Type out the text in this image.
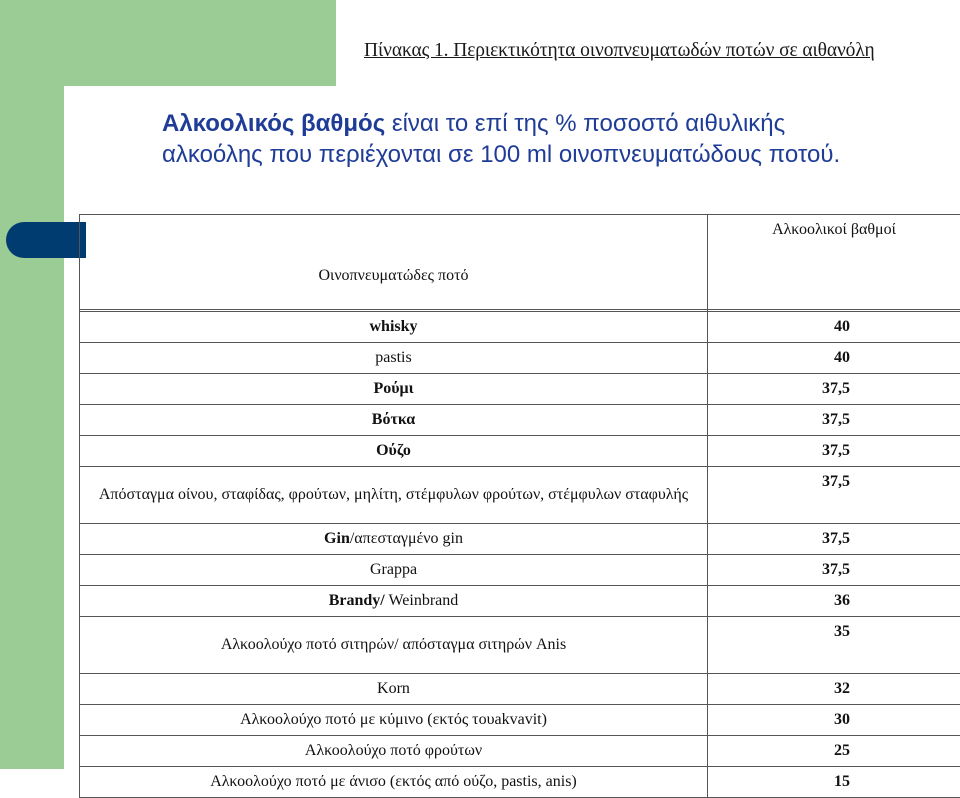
Πίνακας 1. Περιεκτικότητα οινοπνευματωδών ποτών σε αιθανόλη
Αλκοολικός βαθμός είναι το επί της % ποσοστό αιθυλικής αλκοόλης που περιέχονται σε 100 ml οινοπνευματώδους ποτού.
Οινοπνευματώδες ποτό	Αλκοολικοί βαθμοί

whisky	40
pastis	40
Ρούμι	37,5
Βότκα	37,5
Ούζο	37,5
Απόσταγμα οίνου, σταφίδας, φρούτων, μηλίτη, στέμφυλων φρούτων, στέμφυλων σταφυλής	37,5
Gin/απεσταγμένο gin	37,5
Grappa	37,5
Brandy/ Weinbrand	36
Αλκοολούχο ποτό σιτηρών/ απόσταγμα σιτηρών Anis	35
Korn	32
Αλκοολούχο ποτό με κύμινο (εκτός τουakvavit)	30
Αλκοολούχο ποτό φρούτων	25
Αλκοολούχο ποτό με άνισο (εκτός από ούζο, pastis, anis)	15
